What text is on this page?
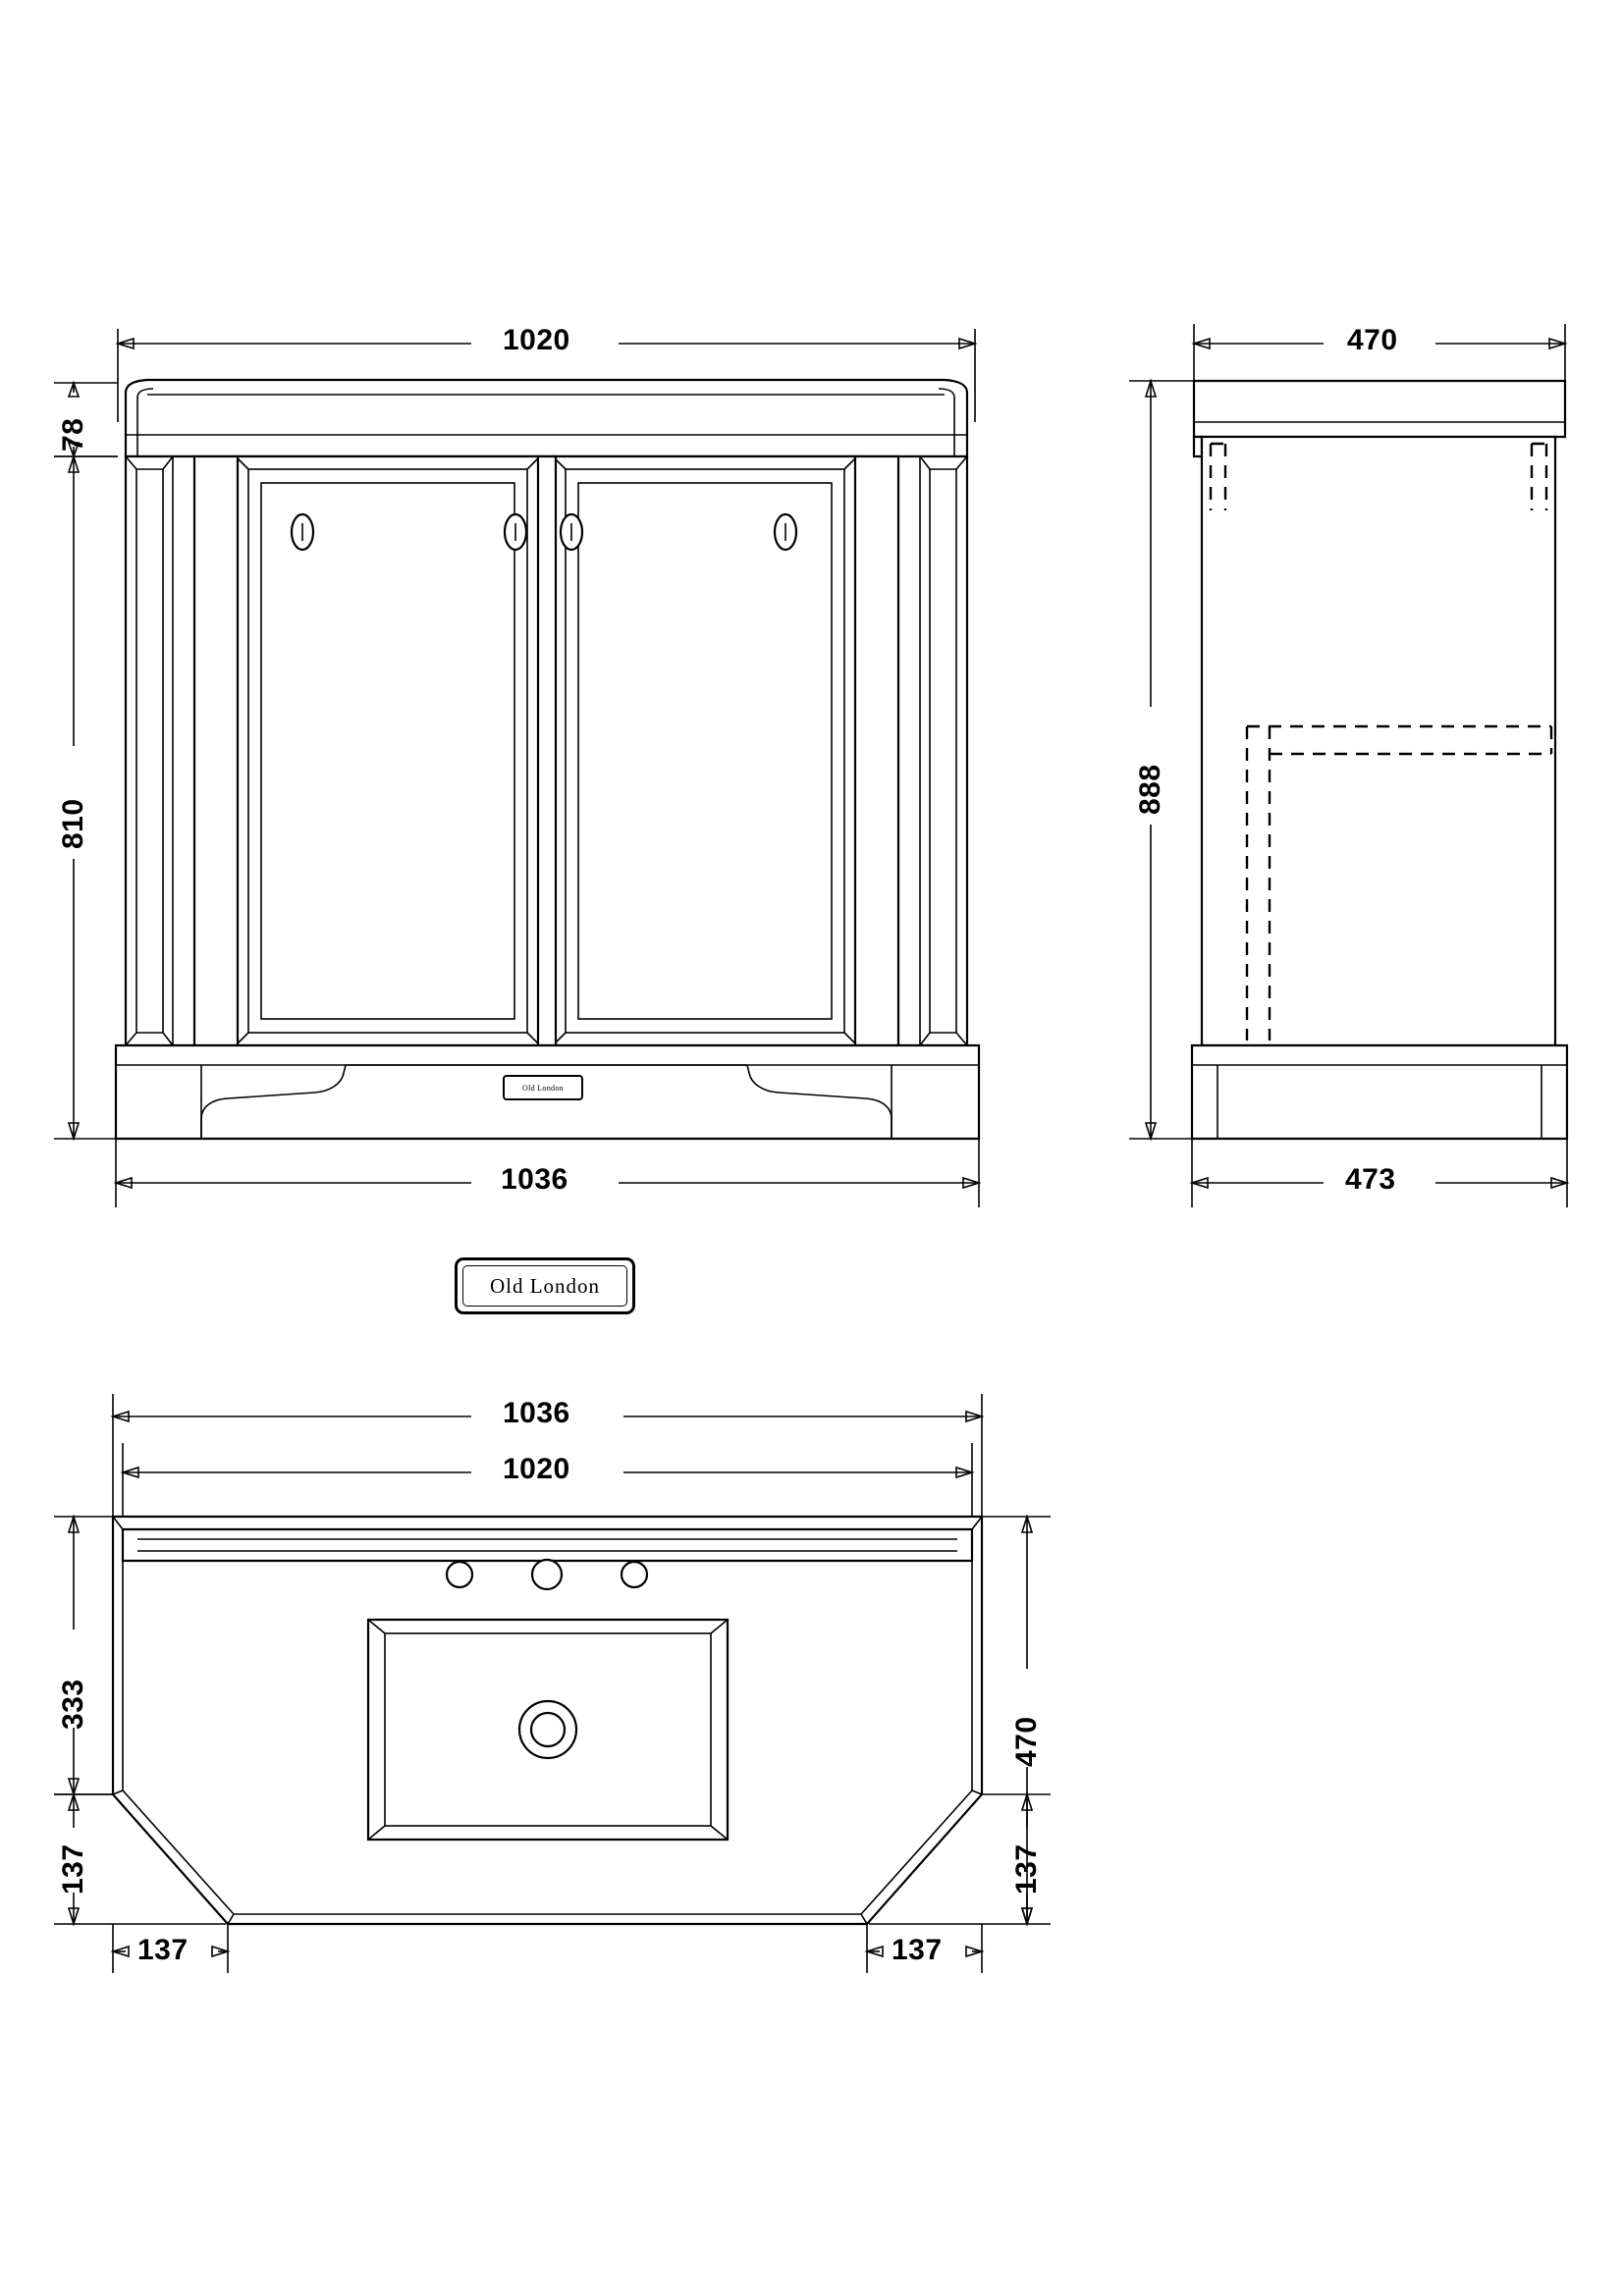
1020
78
810
1036
470
888
473
1036
1020
333
137	137
137	137
470
Old London
Old London
